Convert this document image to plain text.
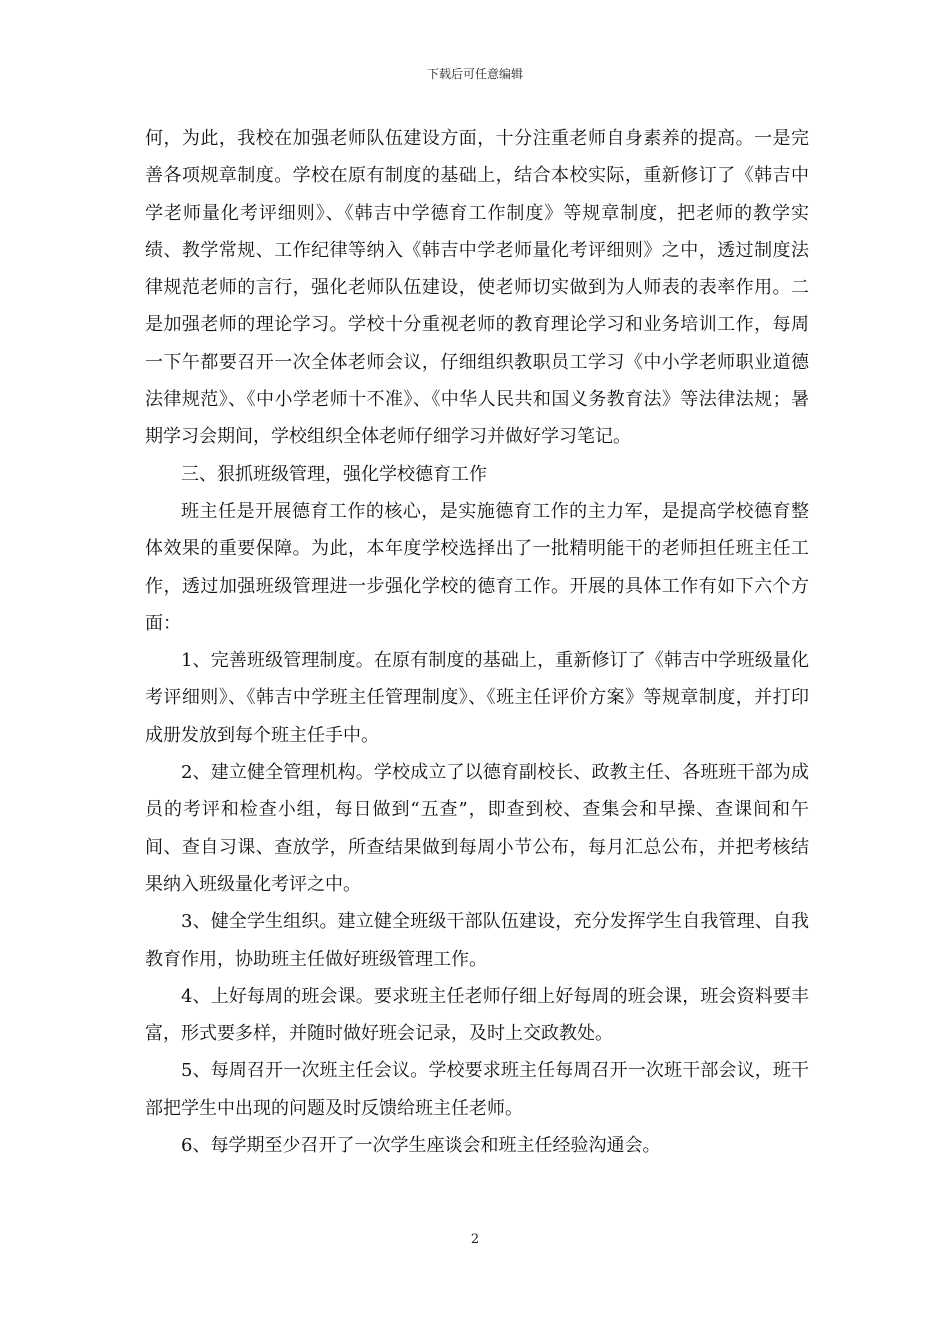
下载后可任意编辑

何，为此，我校在加强老师队伍建设方面，十分注重老师自身素养的提高。一是完善各项规章制度。学校在原有制度的基础上，结合本校实际，重新修订了《韩吉中学老师量化考评细则》、《韩吉中学德育工作制度》等规章制度，把老师的教学实绩、教学常规、工作纪律等纳入《韩吉中学老师量化考评细则》之中，透过制度法律规范老师的言行，强化老师队伍建设，使老师切实做到为人师表的表率作用。二是加强老师的理论学习。学校十分重视老师的教育理论学习和业务培训工作，每周一下午都要召开一次全体老师会议，仔细组织教职员工学习《中小学老师职业道德法律规范》、《中小学老师十不准》、《中华人民共和国义务教育法》等法律法规；暑期学习会期间，学校组织全体老师仔细学习并做好学习笔记。

三、狠抓班级管理，强化学校德育工作

班主任是开展德育工作的核心，是实施德育工作的主力军，是提高学校德育整体效果的重要保障。为此，本年度学校选择出了一批精明能干的老师担任班主任工作，透过加强班级管理进一步强化学校的德育工作。开展的具体工作有如下六个方面：

1、完善班级管理制度。在原有制度的基础上，重新修订了《韩吉中学班级量化考评细则》、《韩吉中学班主任管理制度》、《班主任评价方案》等规章制度，并打印成册发放到每个班主任手中。

2、建立健全管理机构。学校成立了以德育副校长、政教主任、各班班干部为成员的考评和检查小组，每日做到“五查”，即查到校、查集会和早操、查课间和午间、查自习课、查放学，所查结果做到每周小节公布，每月汇总公布，并把考核结果纳入班级量化考评之中。

3、健全学生组织。建立健全班级干部队伍建设，充分发挥学生自我管理、自我教育作用，协助班主任做好班级管理工作。

4、上好每周的班会课。要求班主任老师仔细上好每周的班会课，班会资料要丰富，形式要多样，并随时做好班会记录，及时上交政教处。

5、每周召开一次班主任会议。学校要求班主任每周召开一次班干部会议，班干部把学生中出现的问题及时反馈给班主任老师。

6、每学期至少召开了一次学生座谈会和班主任经验沟通会。

2
